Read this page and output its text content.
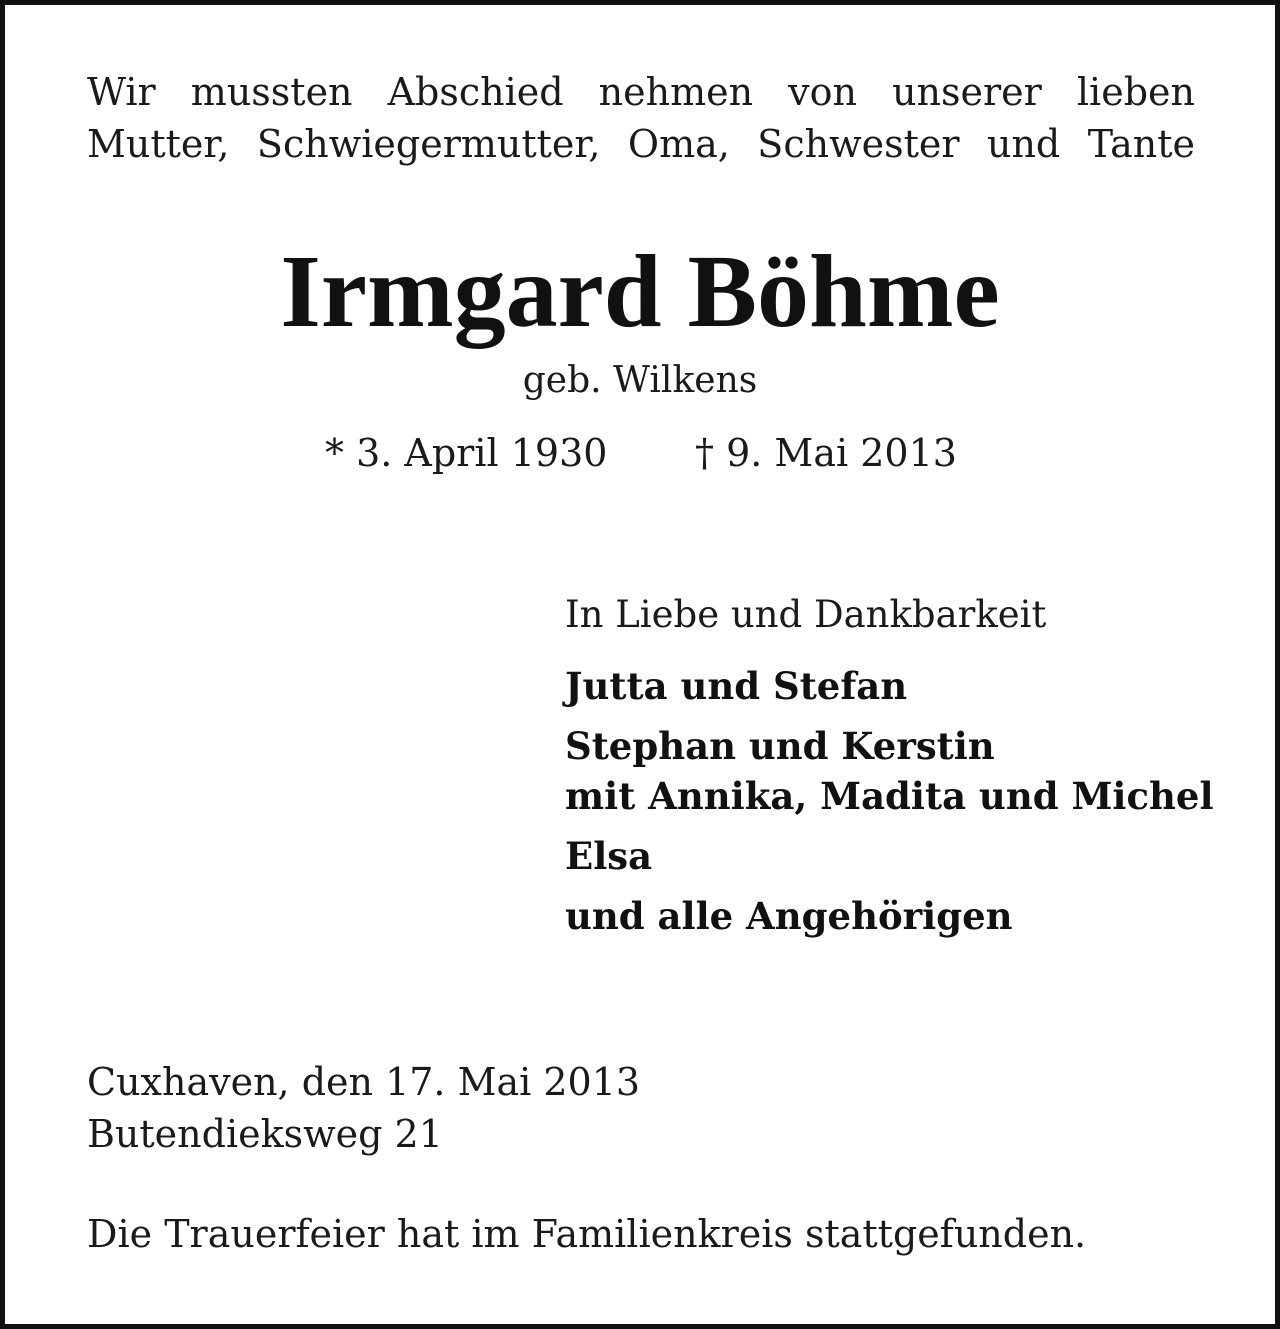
Wir mussten Abschied nehmen von unserer lieben
Mutter, Schwiegermutter, Oma, Schwester und Tante
Irmgard Böhme
geb. Wilkens
* 3. April 1930 † 9. Mai 2013
In Liebe und Dankbarkeit
Jutta und Stefan
Stephan und Kerstin
mit Annika, Madita und Michel
Elsa
und alle Angehörigen
Cuxhaven, den 17. Mai 2013
Butendieksweg 21
Die Trauerfeier hat im Familienkreis stattgefunden.
